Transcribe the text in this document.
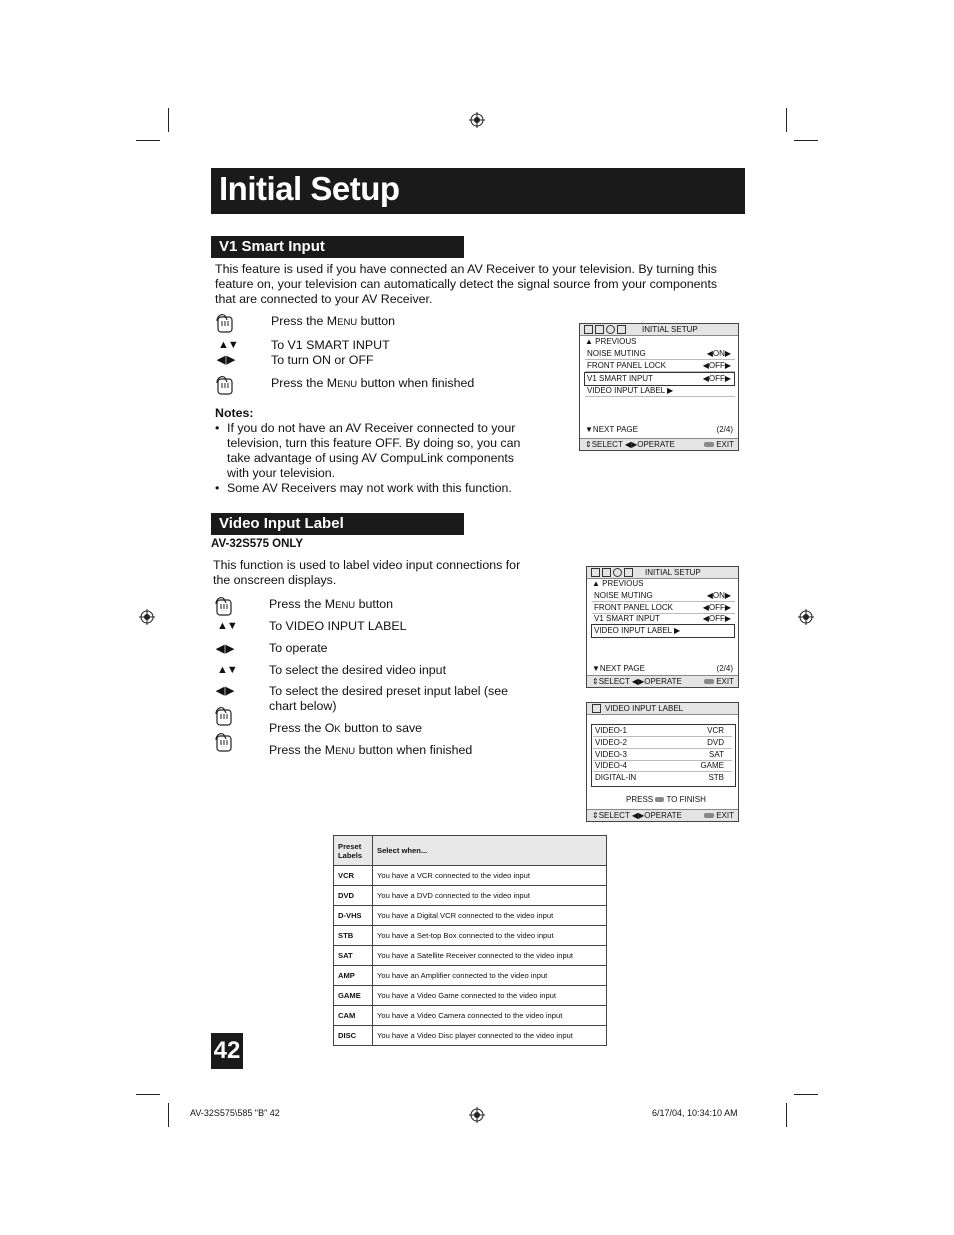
Initial Setup
V1 Smart Input
This feature is used if you have connected an AV Receiver to your television. By turning this
feature on, your television can automatically detect the signal source from your components
that are connected to your AV Receiver.
▲▼
◀ ▶
Press the MENU button
To V1 SMART INPUT
To turn ON or OFF
Press the MENU button when finished
Notes:
• If you do not have an AV Receiver connected to your
television, turn this feature OFF. By doing so, you can
take advantage of using AV CompuLink components
with your television.
• Some AV Receivers may not work with this function.
INITIAL SETUP
▲ PREVIOUS
NOISE MUTING	◀ON▶
FRONT PANEL LOCK	◀OFF▶
V1 SMART INPUT	◀OFF▶
VIDEO INPUT LABEL ▶
▼NEXT PAGE	(2/4)
⇕SELECT ◀▶OPERATE	EXIT
Video Input Label
AV-32S575 ONLY
This function is used to label video input connections for
the onscreen displays.
▲▼
◀ ▶
▲▼
◀ ▶
Press the MENU button
To VIDEO INPUT LABEL
To operate
To select the desired video input
To select the desired preset input label (see
chart below)
Press the OK button to save
Press the MENU button when finished
INITIAL SETUP
▲ PREVIOUS
NOISE MUTING	◀ON▶
FRONT PANEL LOCK	◀OFF▶
V1 SMART INPUT	◀OFF▶
VIDEO INPUT LABEL ▶
▼NEXT PAGE	(2/4)
⇕SELECT ◀▶OPERATE	EXIT
VIDEO INPUT LABEL
VIDEO-1	VCR
VIDEO-2	DVD
VIDEO-3	SAT
VIDEO-4	GAME
DIGITAL-IN	STB
PRESS TO FINISH
⇕SELECT ◀▶OPERATE	EXIT
Preset Labels	Select when...
VCR	You have a VCR connected to the video input
DVD	You have a DVD connected to the video input
D-VHS	You have a Digital VCR connected to the video input
STB	You have a Set-top Box connected to the video input
SAT	You have a Satellite Receiver connected to the video input
AMP	You have an Amplifier connected to the video input
GAME	You have a Video Game connected to the video input
CAM	You have a Video Camera connected to the video input
DISC	You have a Video Disc player connected to the video input
42
AV-32S575\585 "B" 42	6/17/04, 10:34:10 AM
